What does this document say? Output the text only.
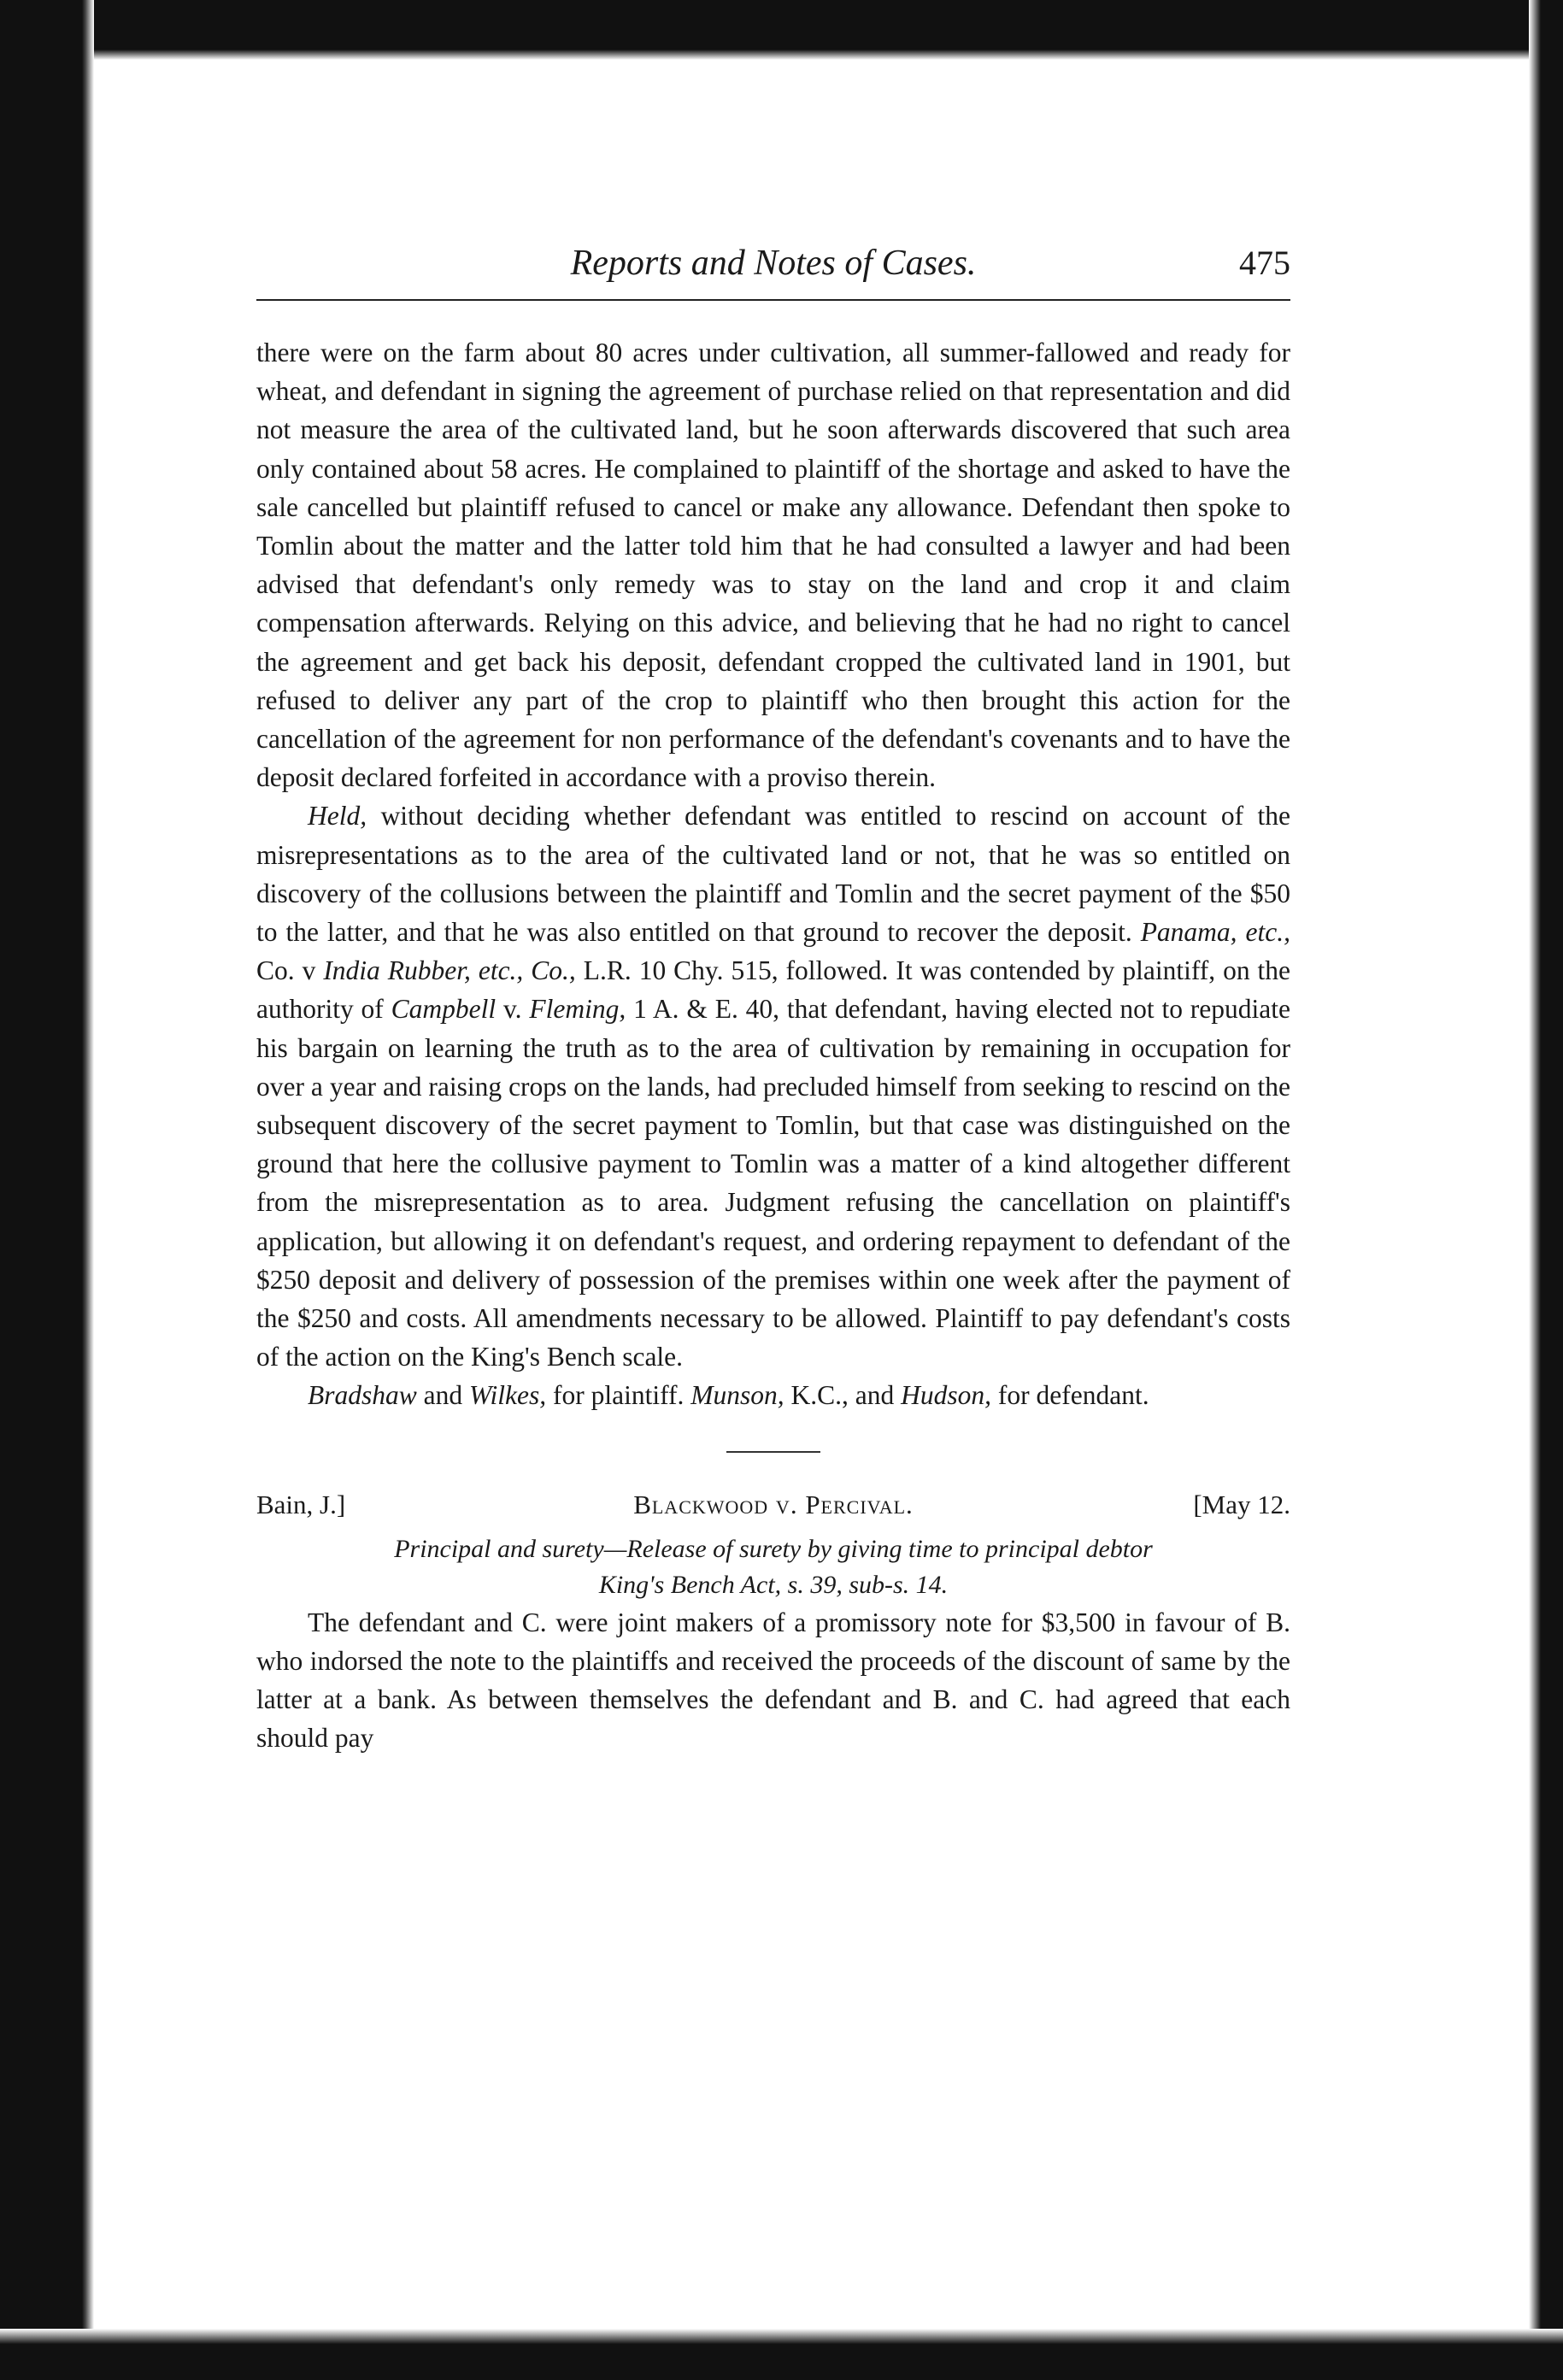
Reports and Notes of Cases.	475

there were on the farm about 80 acres under cultivation, all summer-fallowed and ready for wheat, and defendant in signing the agreement of purchase relied on that representation and did not measure the area of the cultivated land, but he soon afterwards discovered that such area only contained about 58 acres. He complained to plaintiff of the shortage and asked to have the sale cancelled but plaintiff refused to cancel or make any allowance. Defendant then spoke to Tomlin about the matter and the latter told him that he had consulted a lawyer and had been advised that defendant's only remedy was to stay on the land and crop it and claim compensation afterwards. Relying on this advice, and believing that he had no right to cancel the agreement and get back his deposit, defendant cropped the cultivated land in 1901, but refused to deliver any part of the crop to plaintiff who then brought this action for the cancellation of the agreement for non performance of the defendant's covenants and to have the deposit declared forfeited in accordance with a proviso therein.

Held, without deciding whether defendant was entitled to rescind on account of the misrepresentations as to the area of the cultivated land or not, that he was so entitled on discovery of the collusions between the plaintiff and Tomlin and the secret payment of the $50 to the latter, and that he was also entitled on that ground to recover the deposit. Panama, etc., Co. v India Rubber, etc., Co., L.R. 10 Chy. 515, followed. It was contended by plaintiff, on the authority of Campbell v. Fleming, 1 A. & E. 40, that defendant, having elected not to repudiate his bargain on learning the truth as to the area of cultivation by remaining in occupation for over a year and raising crops on the lands, had precluded himself from seeking to rescind on the subsequent discovery of the secret payment to Tomlin, but that case was distinguished on the ground that here the collusive payment to Tomlin was a matter of a kind altogether different from the misrepresentation as to area. Judgment refusing the cancellation on plaintiff's application, but allowing it on defendant's request, and ordering repayment to defendant of the $250 deposit and delivery of possession of the premises within one week after the payment of the $250 and costs. All amendments necessary to be allowed. Plaintiff to pay defendant's costs of the action on the King's Bench scale.

Bradshaw and Wilkes, for plaintiff. Munson, K.C., and Hudson, for defendant.

Bain, J.]	Blackwood v. Percival.	[May 12.
Principal and surety—Release of surety by giving time to principal debtor
King's Bench Act, s. 39, sub-s. 14.

The defendant and C. were joint makers of a promissory note for $3,500 in favour of B. who indorsed the note to the plaintiffs and received the proceeds of the discount of same by the latter at a bank. As between themselves the defendant and B. and C. had agreed that each should pay
